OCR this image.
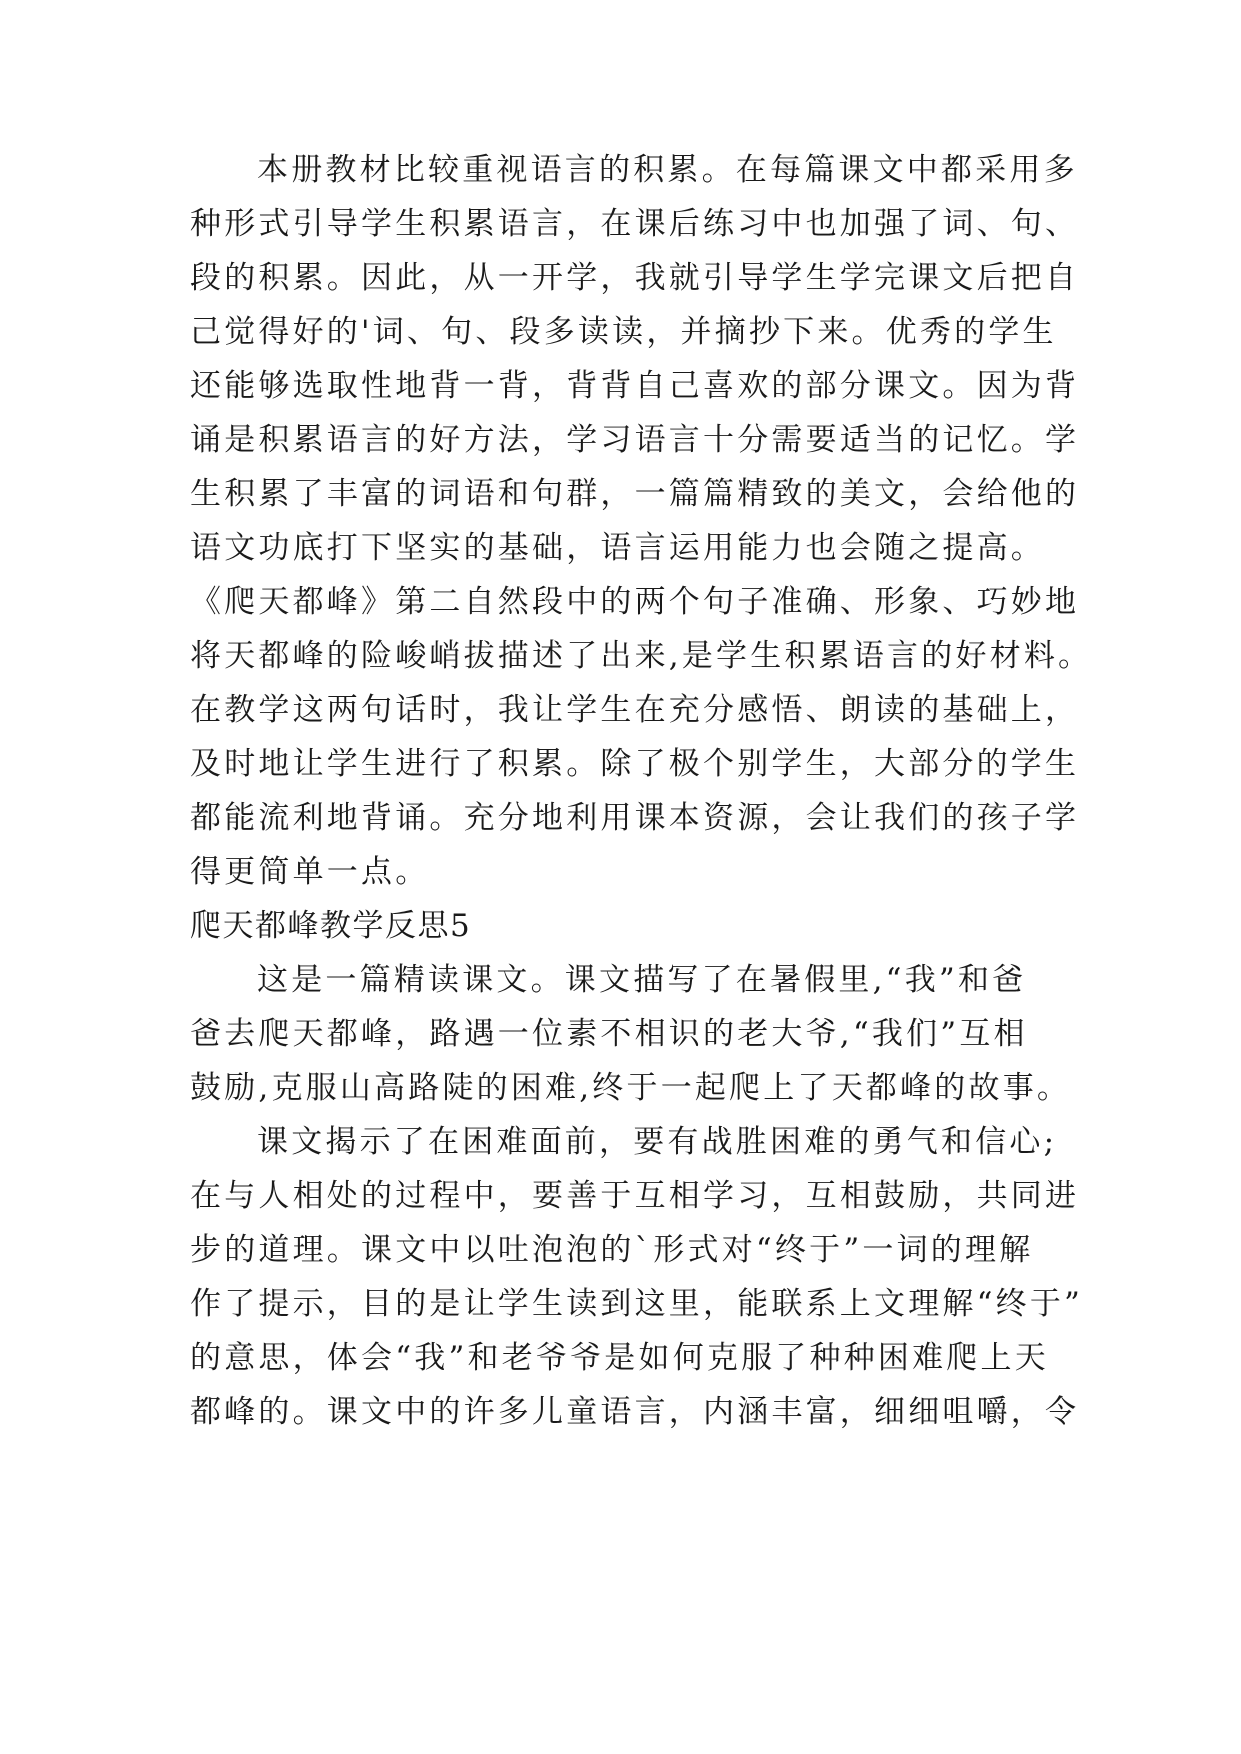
本册教材比较重视语言的积累。在每篇课文中都采用多
种形式引导学生积累语言，在课后练习中也加强了词、句、
段的积累。因此，从一开学，我就引导学生学完课文后把自
己觉得好的'词、句、段多读读，并摘抄下来。优秀的学生
还能够选取性地背一背，背背自己喜欢的部分课文。因为背
诵是积累语言的好方法，学习语言十分需要适当的记忆。学
生积累了丰富的词语和句群，一篇篇精致的美文，会给他的
语文功底打下坚实的基础，语言运用能力也会随之提高。
《爬天都峰》第二自然段中的两个句子准确、形象、巧妙地
将天都峰的险峻峭拔描述了出来,是学生积累语言的好材料。
在教学这两句话时，我让学生在充分感悟、朗读的基础上，
及时地让学生进行了积累。除了极个别学生，大部分的学生
都能流利地背诵。充分地利用课本资源，会让我们的孩子学
得更简单一点。
爬天都峰教学反思5
这是一篇精读课文。课文描写了在暑假里,“我”和爸
爸去爬天都峰，路遇一位素不相识的老大爷,“我们”互相
鼓励,克服山高路陡的困难,终于一起爬上了天都峰的故事。
课文揭示了在困难面前，要有战胜困难的勇气和信心;
在与人相处的过程中，要善于互相学习，互相鼓励，共同进
步的道理。课文中以吐泡泡的`形式对“终于”一词的理解
作了提示，目的是让学生读到这里，能联系上文理解“终于”
的意思，体会“我”和老爷爷是如何克服了种种困难爬上天
都峰的。课文中的许多儿童语言，内涵丰富，细细咀嚼，令
